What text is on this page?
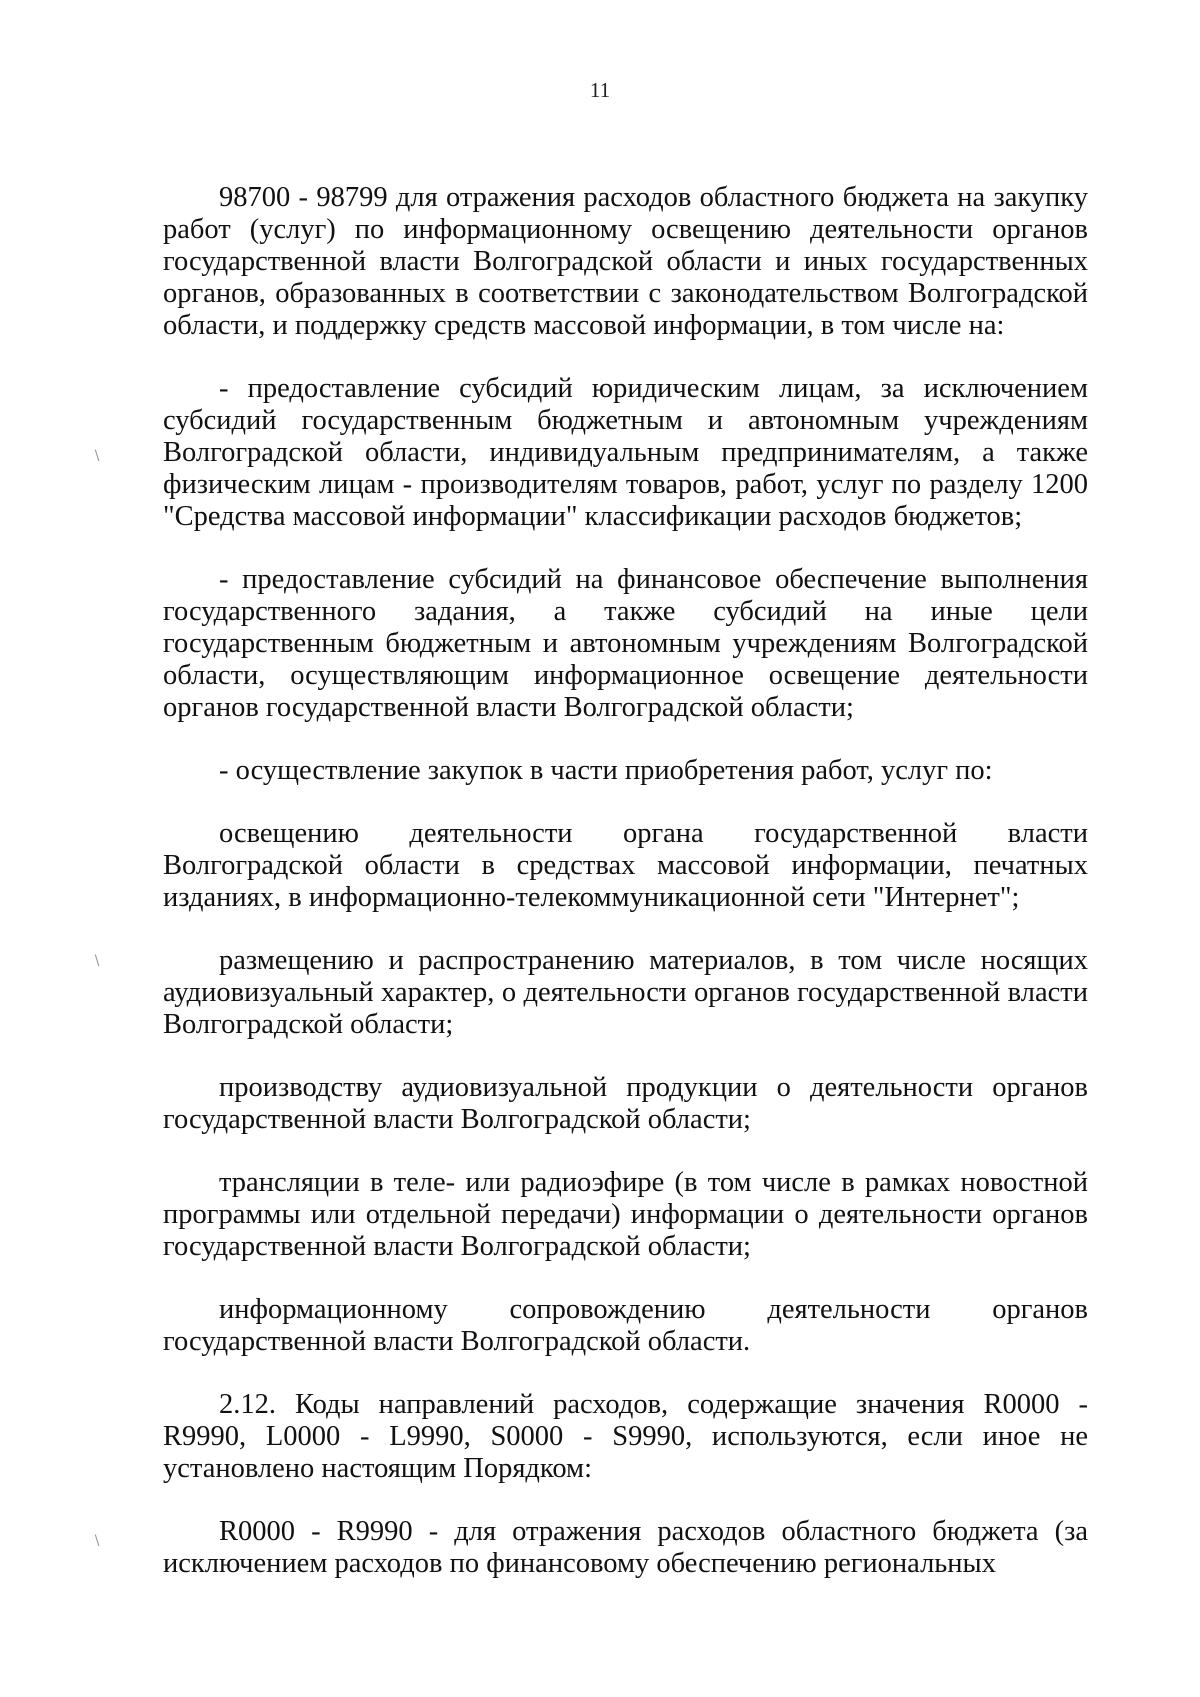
11

98700 - 98799 для отражения расходов областного бюджета на закупку работ (услуг) по информационному освещению деятельности органов государственной власти Волгоградской области и иных государственных органов, образованных в соответствии с законодательством Волгоградской области, и поддержку средств массовой информации, в том числе на:

- предоставление субсидий юридическим лицам, за исключением субсидий государственным бюджетным и автономным учреждениям Волгоградской области, индивидуальным предпринимателям, а также физическим лицам - производителям товаров, работ, услуг по разделу 1200 "Средства массовой информации" классификации расходов бюджетов;

- предоставление субсидий на финансовое обеспечение выполнения государственного задания, а также субсидий на иные цели государственным бюджетным и автономным учреждениям Волгоградской области, осуществляющим информационное освещение деятельности органов государственной власти Волгоградской области;

- осуществление закупок в части приобретения работ, услуг по:

освещению деятельности органа государственной власти Волгоградской области в средствах массовой информации, печатных изданиях, в информационно-телекоммуникационной сети "Интернет";

размещению и распространению материалов, в том числе носящих аудиовизуальный характер, о деятельности органов государственной власти Волгоградской области;

производству аудиовизуальной продукции о деятельности органов государственной власти Волгоградской области;

трансляции в теле- или радиоэфире (в том числе в рамках новостной программы или отдельной передачи) информации о деятельности органов государственной власти Волгоградской области;

информационному сопровождению деятельности органов государственной власти Волгоградской области.

2.12. Коды направлений расходов, содержащие значения R0000 - R9990, L0000 - L9990, S0000 - S9990, используются, если иное не установлено настоящим Порядком:

R0000 - R9990 - для отражения расходов областного бюджета (за исключением расходов по финансовому обеспечению региональных

∖
∖
∖
